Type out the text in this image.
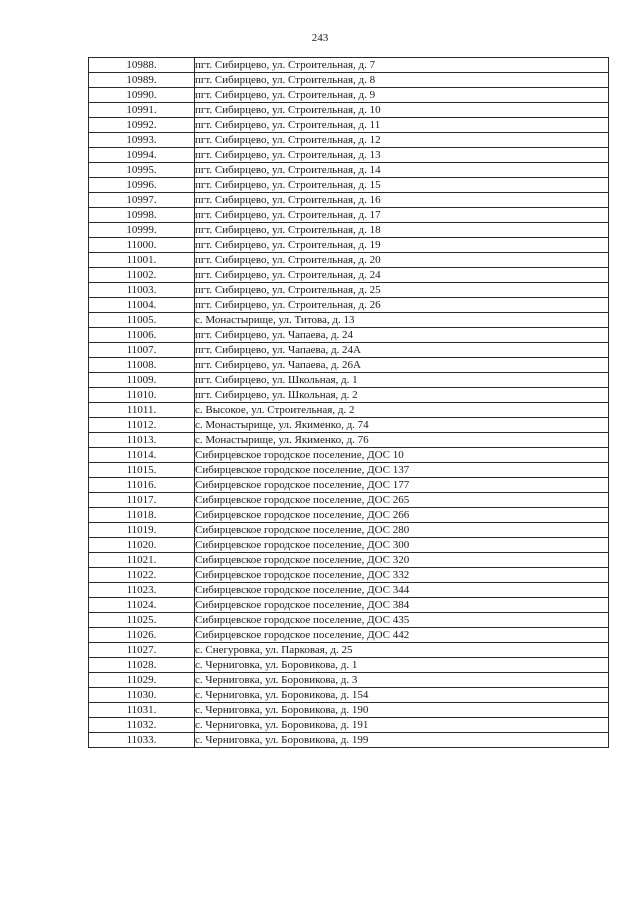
243
10988.	пгт. Сибирцево, ул. Строительная, д. 7
10989.	пгт. Сибирцево, ул. Строительная, д. 8
10990.	пгт. Сибирцево, ул. Строительная, д. 9
10991.	пгт. Сибирцево, ул. Строительная, д. 10
10992.	пгт. Сибирцево, ул. Строительная, д. 11
10993.	пгт. Сибирцево, ул. Строительная, д. 12
10994.	пгт. Сибирцево, ул. Строительная, д. 13
10995.	пгт. Сибирцево, ул. Строительная, д. 14
10996.	пгт. Сибирцево, ул. Строительная, д. 15
10997.	пгт. Сибирцево, ул. Строительная, д. 16
10998.	пгт. Сибирцево, ул. Строительная, д. 17
10999.	пгт. Сибирцево, ул. Строительная, д. 18
11000.	пгт. Сибирцево, ул. Строительная, д. 19
11001.	пгт. Сибирцево, ул. Строительная, д. 20
11002.	пгт. Сибирцево, ул. Строительная, д. 24
11003.	пгт. Сибирцево, ул. Строительная, д. 25
11004.	пгт. Сибирцево, ул. Строительная, д. 26
11005.	с. Монастырище, ул. Титова, д. 13
11006.	пгт. Сибирцево, ул. Чапаева, д. 24
11007.	пгт. Сибирцево, ул. Чапаева, д. 24А
11008.	пгт. Сибирцево, ул. Чапаева, д. 26А
11009.	пгт. Сибирцево, ул. Школьная, д. 1
11010.	пгт. Сибирцево, ул. Школьная, д. 2
11011.	с. Высокое, ул. Строительная, д. 2
11012.	с. Монастырище, ул. Якименко, д. 74
11013.	с. Монастырище, ул. Якименко, д. 76
11014.	Сибирцевское городское поселение, ДОС 10
11015.	Сибирцевское городское поселение, ДОС 137
11016.	Сибирцевское городское поселение, ДОС 177
11017.	Сибирцевское городское поселение, ДОС 265
11018.	Сибирцевское городское поселение, ДОС 266
11019.	Сибирцевское городское поселение, ДОС 280
11020.	Сибирцевское городское поселение, ДОС 300
11021.	Сибирцевское городское поселение, ДОС 320
11022.	Сибирцевское городское поселение, ДОС 332
11023.	Сибирцевское городское поселение, ДОС 344
11024.	Сибирцевское городское поселение, ДОС 384
11025.	Сибирцевское городское поселение, ДОС 435
11026.	Сибирцевское городское поселение, ДОС 442
11027.	с. Снегуровка, ул. Парковая, д. 25
11028.	с. Черниговка, ул. Боровикова, д. 1
11029.	с. Черниговка, ул. Боровикова, д. 3
11030.	с. Черниговка, ул. Боровикова, д. 154
11031.	с. Черниговка, ул. Боровикова, д. 190
11032.	с. Черниговка, ул. Боровикова, д. 191
11033.	с. Черниговка, ул. Боровикова, д. 199
